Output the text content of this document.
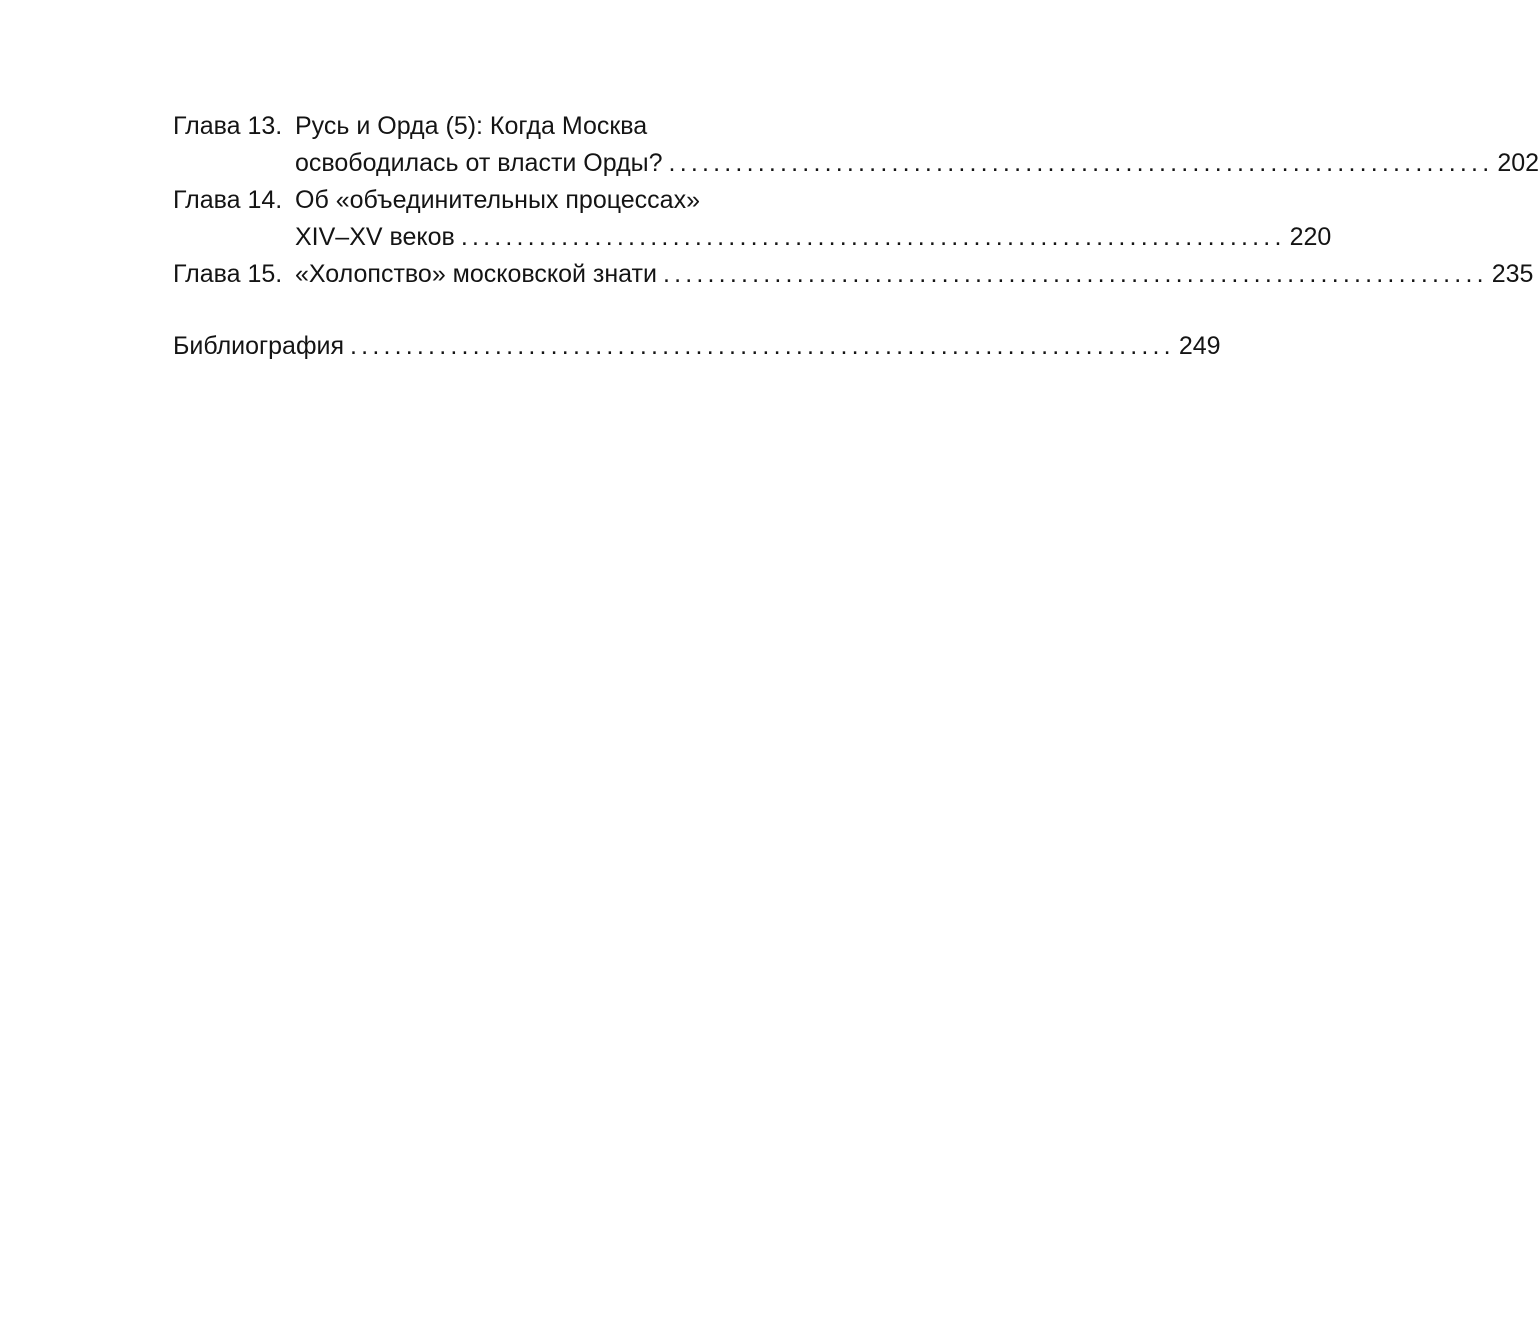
Глава 13. Русь и Орда (5): Когда Москва
освободилась от власти Орды? .......................................................................... 202
Глава 14. Об «объединительных процессах»
XIV–XV веков .......................................................................... 220
Глава 15. «Холопство» московской знати .......................................................................... 235
Библиография .......................................................................... 249
